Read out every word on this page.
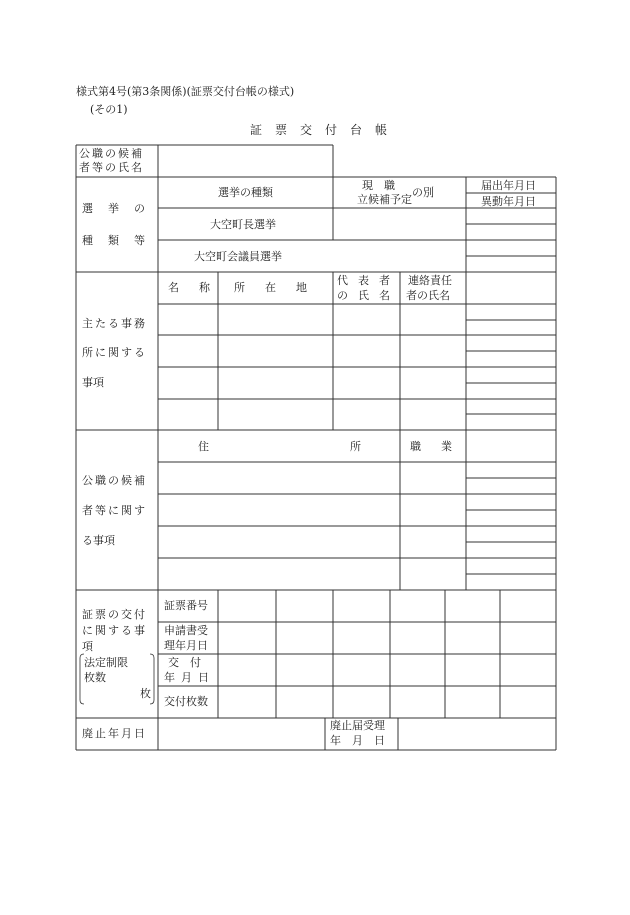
様式第4号(第3条関係)(証票交付台帳の様式)
(その1)
証票交付台帳
公職の候補
者等の氏名
選　挙　の
種　類　等
選挙の種類
現　職
立候補予定
の別
届出年月日
異動年月日
大空町長選挙
大空町会議員選挙
主たる事務
所に関する
事項
名称 所在地
代表者
の氏名
連絡責任
者の氏名
公職の候補
者等に関す
る事項
住	所	職業
証票の交付
に関する事
項
法定制限
枚数
枚
証票番号
申請書受
理年月日
交　付
年月日
交付枚数
廃止年月日
廃止届受理
年　月　日
